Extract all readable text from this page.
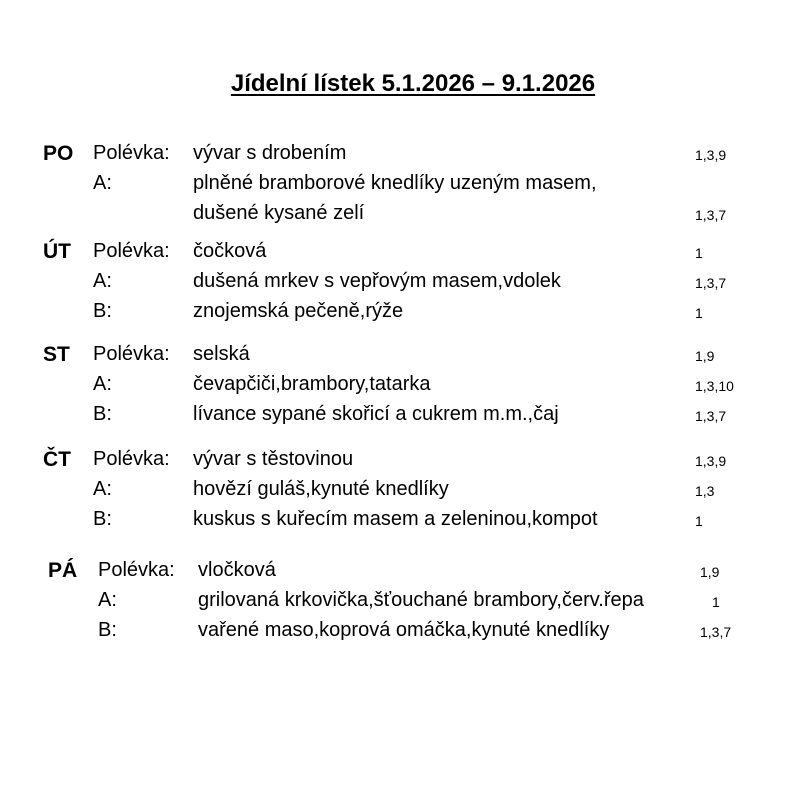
Jídelní lístek 5.1.2026 – 9.1.2026
PO Polévka: vývar s drobením	1,3,9
A:	plněné bramborové knedlíky uzeným masem,
dušené kysané zelí	1,3,7
ÚT Polévka: čočková	1
A:	dušená mrkev s vepřovým masem,vdolek	1,3,7
B:	znojemská pečeně,rýže	1
ST Polévka: selská	1,9
A:	čevapčiči,brambory,tatarka	1,3,10
B:	lívance sypané skořicí a cukrem m.m.,čaj	1,3,7
ČT Polévka: vývar s těstovinou	1,3,9
A:	hovězí guláš,kynuté knedlíky	1,3
B:	kuskus s kuřecím masem a zeleninou,kompot	1
PÁ Polévka: vločková	1,9
A:	grilovaná krkovička,šťouchané brambory,červ.řepa	1
B:	vařené maso,koprová omáčka,kynuté knedlíky	1,3,7
